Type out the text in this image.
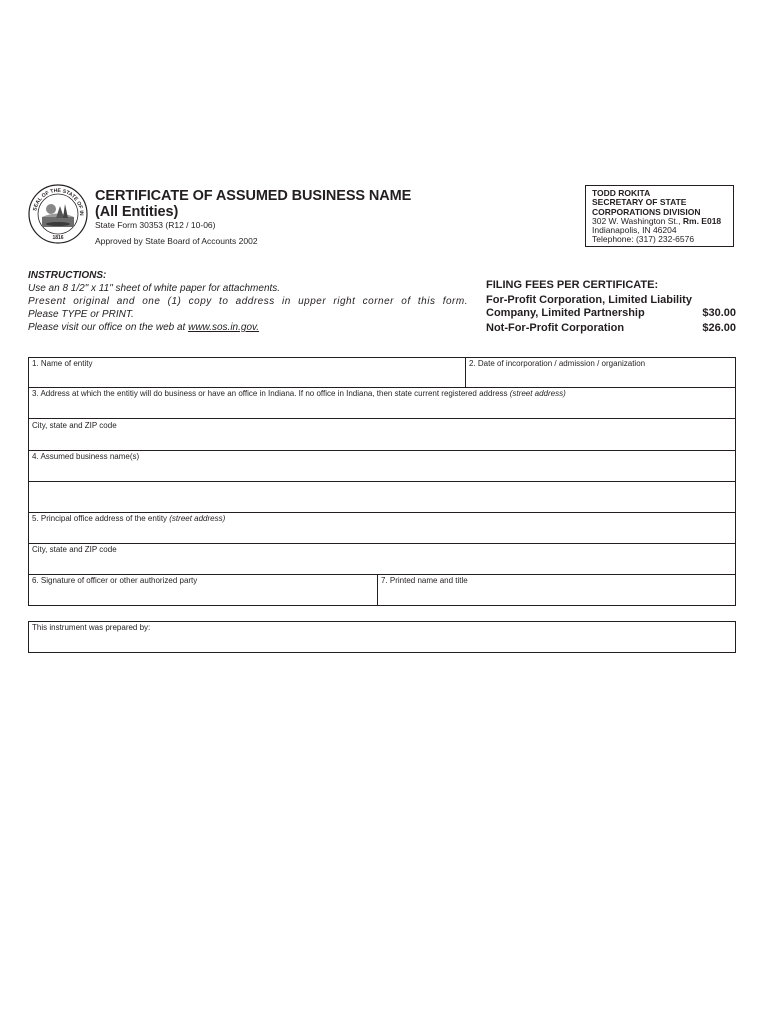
SEAL OF THE STATE OF IN
1816
CERTIFICATE OF ASSUMED BUSINESS NAME
(All Entities)
State Form 30353 (R12 / 10-06)
Approved by State Board of Accounts 2002
TODD ROKITA
SECRETARY OF STATE
CORPORATIONS DIVISION
302 W. Washington St., Rm. E018
Indianapolis, IN 46204
Telephone: (317) 232-6576
INSTRUCTIONS:
Use an 8 1/2" x 11" sheet of white paper for attachments.
Present original and one (1) copy to address in upper right corner of this form.
Please TYPE or PRINT.
Please visit our office on the web at www.sos.in.gov.
FILING FEES PER CERTIFICATE:
For-Profit Corporation, Limited Liability
Company, Limited Partnership	$30.00
Not-For-Profit Corporation	$26.00
1. Name of entity	2. Date of incorporation / admission / organization
3. Address at which the entitiy will do business or have an office in Indiana. If no office in Indiana, then state current registered address (street address)
City, state and ZIP code
4. Assumed business name(s)
5. Principal office address of the entity (street address)
City, state and ZIP code
6. Signature of officer or other authorized party	7. Printed name and title
This instrument was prepared by:
